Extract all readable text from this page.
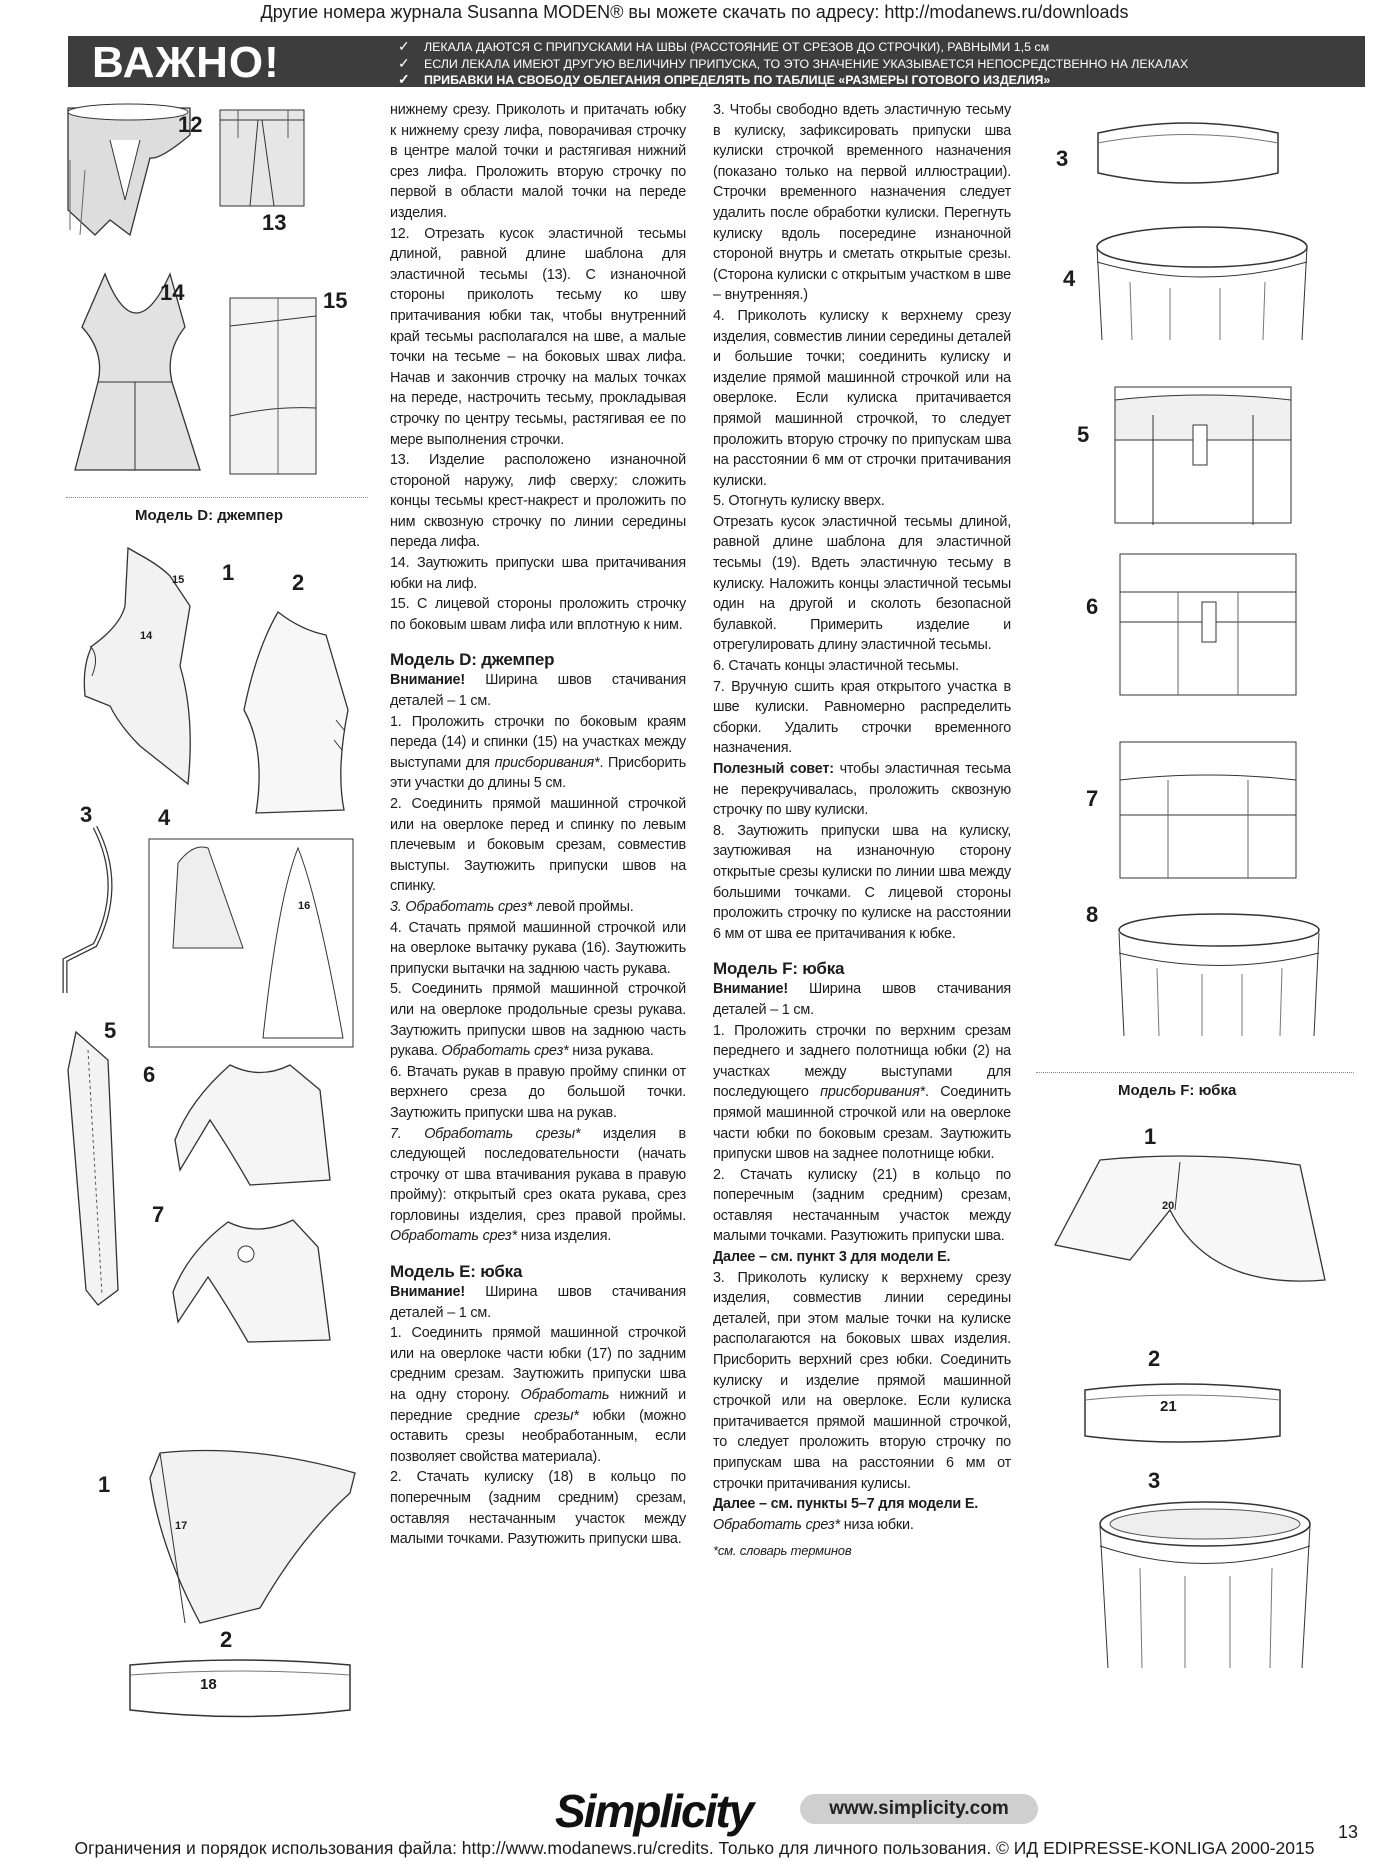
Другие номера журнала Susanna MODEN® вы можете скачать по адресу: http://modanews.ru/downloads
ВАЖНО!	✓ ЛЕКАЛА ДАЮТСЯ С ПРИПУСКАМИ НА ШВЫ (РАССТОЯНИЕ ОТ СРЕЗОВ ДО СТРОЧКИ), РАВНЫМИ 1,5 см
✓ ЕСЛИ ЛЕКАЛА ИМЕЮТ ДРУГУЮ ВЕЛИЧИНУ ПРИПУСКА, ТО ЭТО ЗНАЧЕНИЕ УКАЗЫВАЕТСЯ НЕПОСРЕДСТВЕННО НА ЛЕКАЛАХ
✓ ПРИБАВКИ НА СВОБОДУ ОБЛЕГАНИЯ ОПРЕДЕЛЯТЬ ПО ТАБЛИЦЕ «РАЗМЕРЫ ГОТОВОГО ИЗДЕЛИЯ»
12
13
14	15
Модель D: джемпер
1
15
14
2
3	4
16
5
6
7
1
17
2
18

нижнему срезу. Приколоть и притачать юбку к нижнему срезу лифа, поворачивая строчку в центре малой точки и растягивая нижний срез лифа. Проложить вторую строчку по первой в области малой точки на переде изделия.

12. Отрезать кусок эластичной тесьмы длиной, равной длине шаблона для эластичной тесьмы (13). С изнаночной стороны приколоть тесьму ко шву притачивания юбки так, чтобы внутренний край тесьмы располагался на шве, а малые точки на тесьме – на боковых швах лифа. Начав и закончив строчку на малых точках на переде, настрочить тесьму, прокладывая строчку по центру тесьмы, растягивая ее по мере выполнения строчки.

13. Изделие расположено изнаночной стороной наружу, лиф сверху: сложить концы тесьмы крест-накрест и проложить по ним сквозную строчку по линии середины переда лифа.

14. Заутюжить припуски шва притачивания юбки на лиф.

15. С лицевой стороны проложить строчку по боковым швам лифа или вплотную к ним.

Модель D: джемпер

Внимание! Ширина швов стачивания деталей – 1 см.

1. Проложить строчки по боковым краям переда (14) и спинки (15) на участках между выступами для присборивания*. Присборить эти участки до длины 5 см.

2. Соединить прямой машинной строчкой или на оверлоке перед и спинку по левым плечевым и боковым срезам, совместив выступы. Заутюжить припуски швов на спинку.

3. Обработать срез* левой проймы.

4. Стачать прямой машинной строчкой или на оверлоке вытачку рукава (16). Заутюжить припуски вытачки на заднюю часть рукава.

5. Соединить прямой машинной строчкой или на оверлоке продольные срезы рукава. Заутюжить припуски швов на заднюю часть рукава. Обработать срез* низа рукава.

6. Втачать рукав в правую пройму спинки от верхнего среза до большой точки. Заутюжить припуски шва на рукав.

7. Обработать срезы* изделия в следующей последовательности (начать строчку от шва втачивания рукава в правую пройму): открытый срез оката рукава, срез горловины изделия, срез правой проймы. Обработать срез* низа изделия.

Модель E: юбка

Внимание! Ширина швов стачивания деталей – 1 см.

1. Соединить прямой машинной строчкой или на оверлоке части юбки (17) по задним средним срезам. Заутюжить припуски шва на одну сторону. Обработать нижний и передние средние срезы* юбки (можно оставить срезы необработанным, если позволяет свойства материала).

2. Стачать кулиску (18) в кольцо по поперечным (задним средним) срезам, оставляя нестачанным участок между малыми точками. Разутюжить припуски шва.

3. Чтобы свободно вдеть эластичную тесьму в кулиску, зафиксировать припуски шва кулиски строчкой временного назначения (показано только на первой иллюстрации). Строчки временного назначения следует удалить после обработки кулиски. Перегнуть кулиску вдоль посередине изнаночной стороной внутрь и сметать открытые срезы. (Сторона кулиски с открытым участком в шве – внутренняя.)

4. Приколоть кулиску к верхнему срезу изделия, совместив линии середины деталей и большие точки; соединить кулиску и изделие прямой машинной строчкой или на оверлоке. Если кулиска притачивается прямой машинной строчкой, то следует проложить вторую строчку по припускам шва на расстоянии 6 мм от строчки притачивания кулиски.

5. Отогнуть кулиску вверх.

Отрезать кусок эластичной тесьмы длиной, равной длине шаблона для эластичной тесьмы (19). Вдеть эластичную тесьму в кулиску. Наложить концы эластичной тесьмы один на другой и сколоть безопасной булавкой. Примерить изделие и отрегулировать длину эластичной тесьмы.

6. Стачать концы эластичной тесьмы.

7. Вручную сшить края открытого участка в шве кулиски. Равномерно распределить сборки. Удалить строчки временного назначения.

Полезный совет: чтобы эластичная тесьма не перекручивалась, проложить сквозную строчку по шву кулиски.

8. Заутюжить припуски шва на кулиску, заутюживая на изнаночную сторону открытые срезы кулиски по линии шва между большими точками. С лицевой стороны проложить строчку по кулиске на расстоянии 6 мм от шва ее притачивания к юбке.

Модель F: юбка

Внимание! Ширина швов стачивания деталей – 1 см.

1. Проложить строчки по верхним срезам переднего и заднего полотнища юбки (2) на участках между выступами для последующего присборивания*. Соединить прямой машинной строчкой или на оверлоке части юбки по боковым срезам. Заутюжить припуски швов на заднее полотнище юбки.

2. Стачать кулиску (21) в кольцо по поперечным (задним средним) срезам, оставляя нестачанным участок между малыми точками. Разутюжить припуски шва.

Далее – см. пункт 3 для модели E.

3. Приколоть кулиску к верхнему срезу изделия, совместив линии середины деталей, при этом малые точки на кулиске располагаются на боковых швах изделия. Присборить верхний срез юбки. Соединить кулиску и изделие прямой машинной строчкой или на оверлоке. Если кулиска притачивается прямой машинной строчкой, то следует проложить вторую строчку по припускам шва на расстоянии 6 мм от строчки притачивания кулисы.

Далее – см. пункты 5–7 для модели E.

Обработать срез* низа юбки.

*см. словарь терминов

3
4
5
6
7
8
Модель F: юбка
1
20
2
21
3
Simplicity	www.simplicity.com
13
Ограничения и порядок использования файла: http://www.modanews.ru/credits. Только для личного пользования. © ИД EDIPRESSE-KONLIGA 2000-2015
